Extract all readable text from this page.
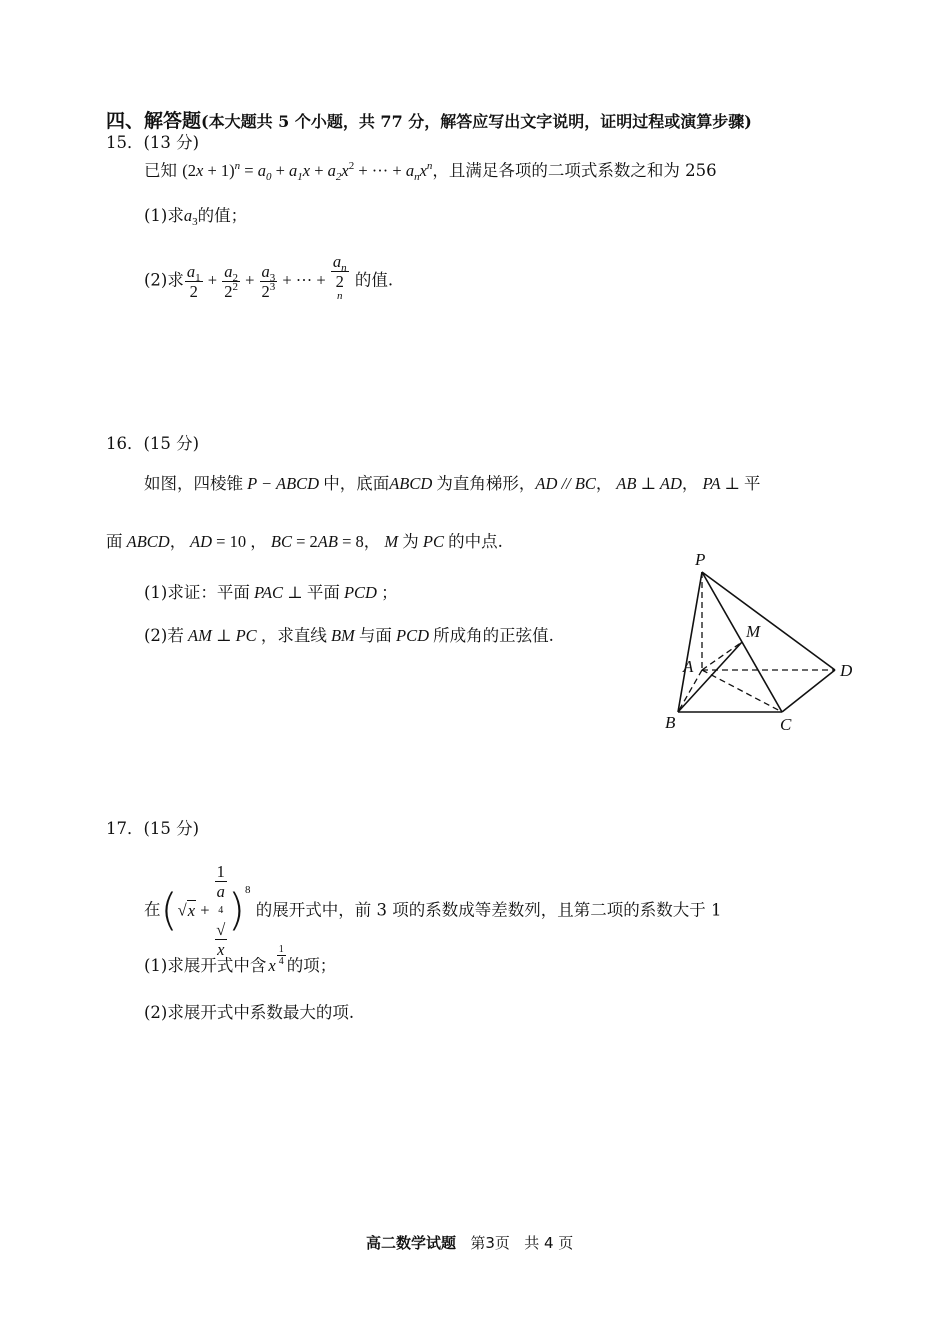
四、解答题(本大题共 5 个小题，共 77 分，解答应写出文字说明，证明过程或演算步骤)
15．(13 分)
已知 $(2x + 1)^n = a_0 + a_1x + a_2x^2$ + ··· + $a_nx^n$，且满足各项的二项式系数之和为 256
(1)求$a_3$的值；
(2)求 $\frac{a_1}{2} + \frac{a_2}{2^2} + \frac{a_3}{2^3}$ + ··· + $a_n$
2
$^n$ 的值.
16．(15 分)
如图，四棱锥 P − ABCD 中，底面ABCD 为直角梯形，AD // BC， AB ⊥ AD， PA ⊥ 平
面 ABCD， AD = 10 ， BC = 2AB = 8， M 为 PC 的中点.
(1)求证：平面 PAC ⊥ 平面 PCD ；
(2)若 AM ⊥ PC ，求直线 BM 与面 PCD 所成角的正弦值.
P
M
A	D
B	C
17．(15 分)
在(√x + 1
a
4
√
x )$^8$ 的展开式中，前 3 项的系数成等差数列，且第二项的系数大于 1
(1)求展开式中含 x $\frac{1}{4}$ 的项；
(2)求展开式中系数最大的项.
高二数学试题 第3页 共 4 页
